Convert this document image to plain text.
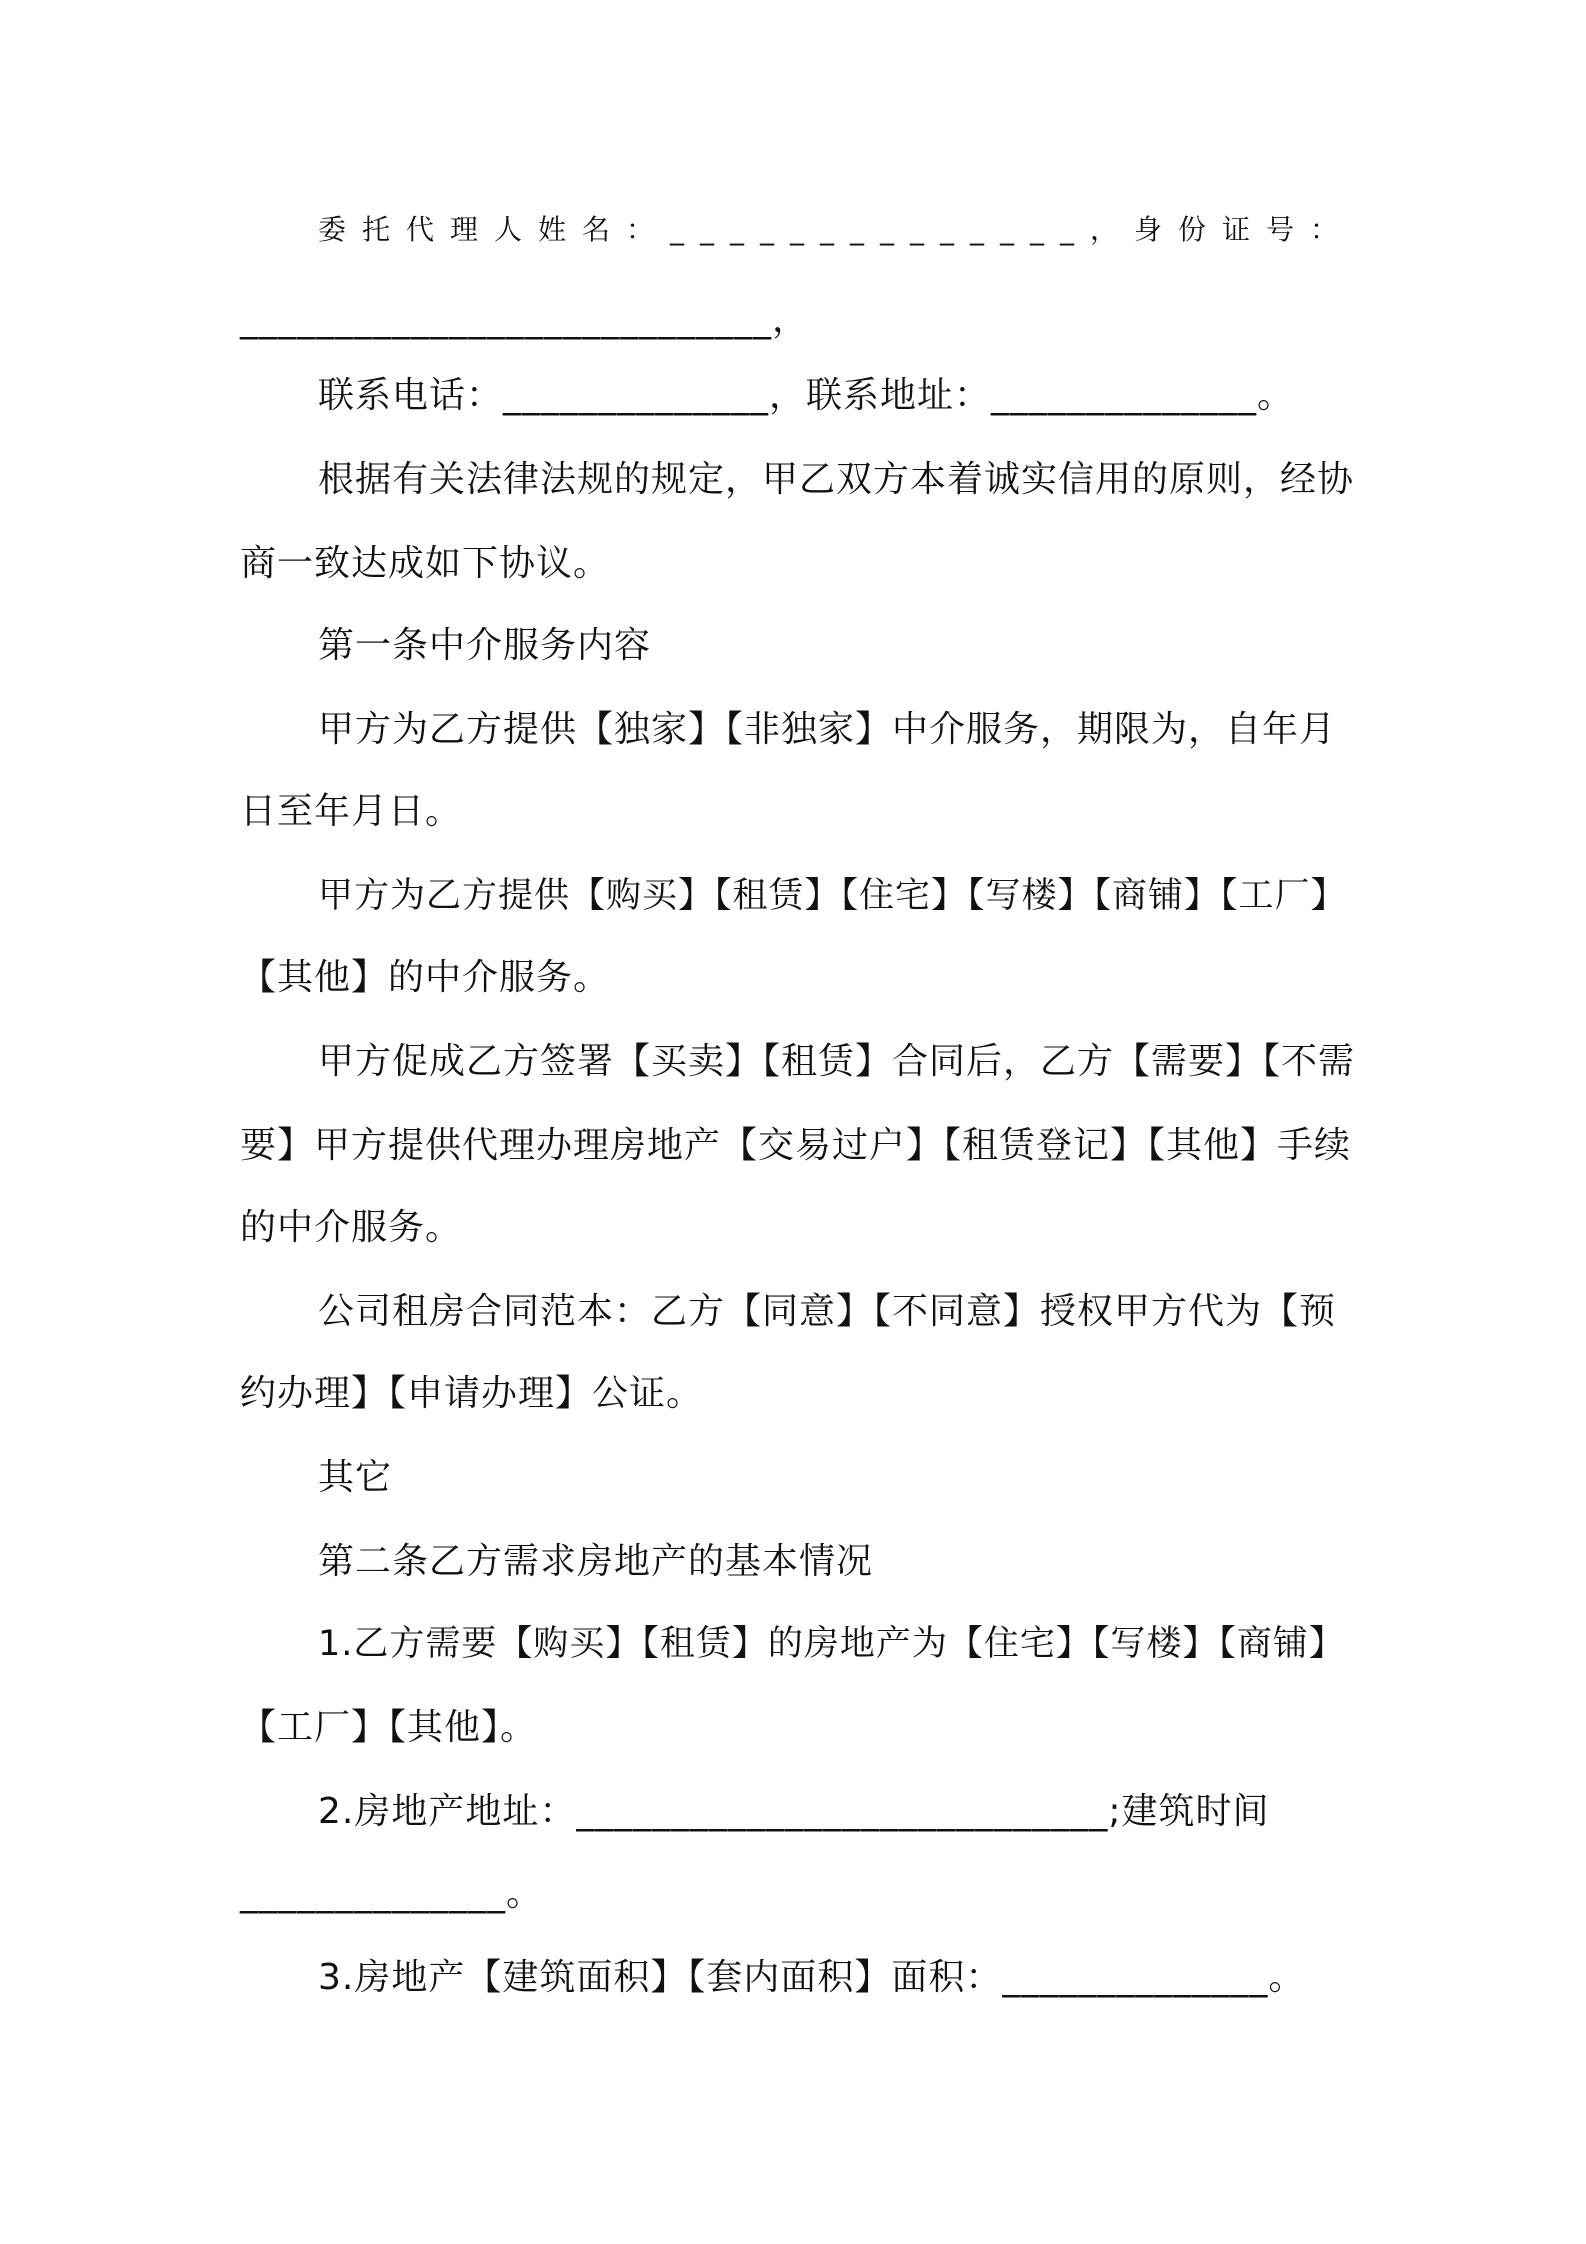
委托代理人姓名：______________，身份证号：
____________________________，
联系电话：______________，联系地址：______________。
根据有关法律法规的规定，甲乙双方本着诚实信用的原则，经协
商一致达成如下协议。
第一条中介服务内容
甲方为乙方提供【独家】【非独家】中介服务，期限为，自年月
日至年月日。
甲方为乙方提供【购买】【租赁】【住宅】【写楼】【商铺】【工厂】
【其他】的中介服务。
甲方促成乙方签署【买卖】【租赁】合同后，乙方【需要】【不需
要】甲方提供代理办理房地产【交易过户】【租赁登记】【其他】手续
的中介服务。
公司租房合同范本：乙方【同意】【不同意】授权甲方代为【预
约办理】【申请办理】公证。
其它
第二条乙方需求房地产的基本情况
1.乙方需要【购买】【租赁】的房地产为【住宅】【写楼】【商铺】
【工厂】【其他】。
2.房地产地址：____________________________;建筑时间
______________。
3.房地产【建筑面积】【套内面积】面积：______________。
